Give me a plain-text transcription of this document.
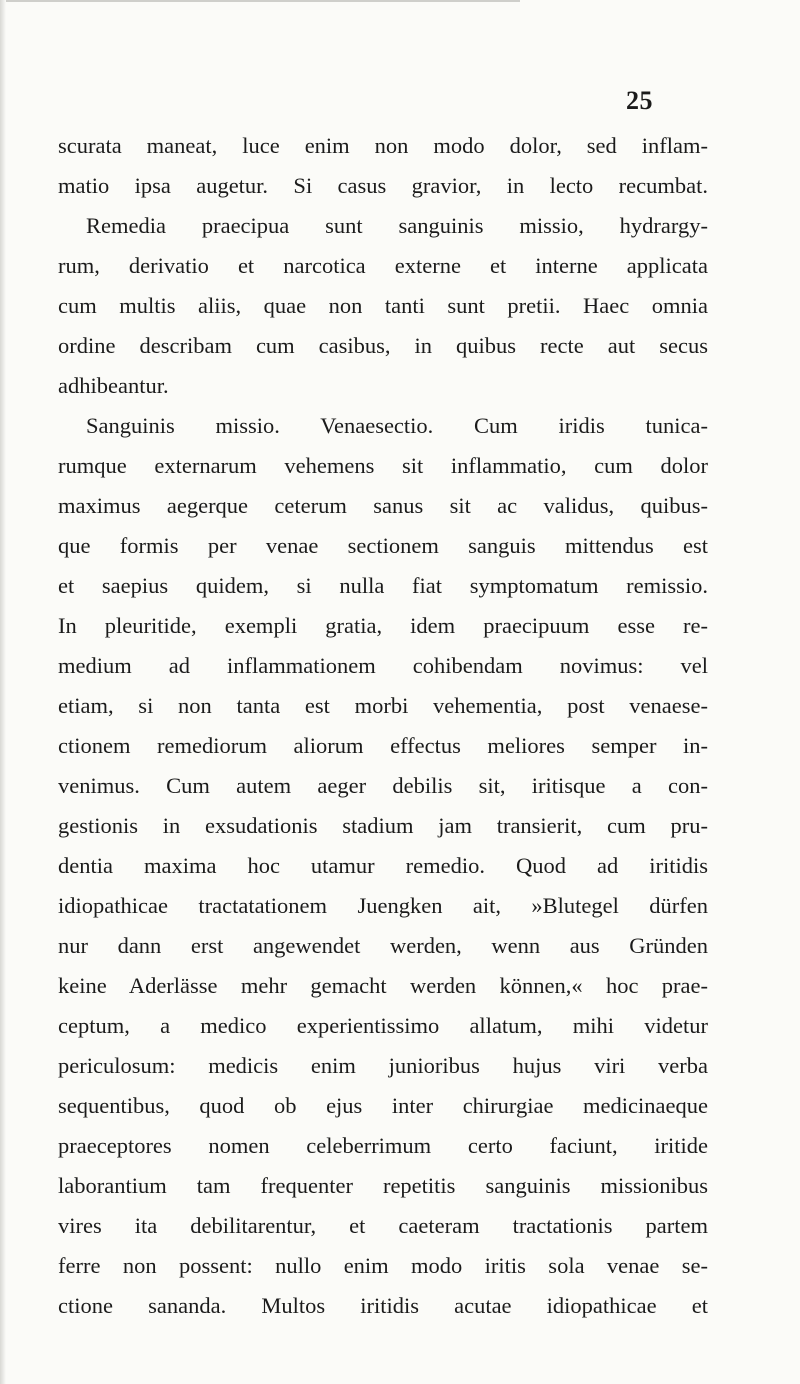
25
scurata maneat, luce enim non modo dolor, sed inflam-
matio ipsa augetur. Si casus gravior, in lecto recumbat.
Remedia praecipua sunt sanguinis missio, hydrargy-
rum, derivatio et narcotica externe et interne applicata
cum multis aliis, quae non tanti sunt pretii. Haec omnia
ordine describam cum casibus, in quibus recte aut secus
adhibeantur.
Sanguinis missio. Venaesectio. Cum iridis tunica-
rumque externarum vehemens sit inflammatio, cum dolor
maximus aegerque ceterum sanus sit ac validus, quibus-
que formis per venae sectionem sanguis mittendus est
et saepius quidem, si nulla fiat symptomatum remissio.
In pleuritide, exempli gratia, idem praecipuum esse re-
medium ad inflammationem cohibendam novimus: vel
etiam, si non tanta est morbi vehementia, post venaese-
ctionem remediorum aliorum effectus meliores semper in-
venimus. Cum autem aeger debilis sit, iritisque a con-
gestionis in exsudationis stadium jam transierit, cum pru-
dentia maxima hoc utamur remedio. Quod ad iritidis
idiopathicae tractatationem Juengken ait, »Blutegel dürfen
nur dann erst angewendet werden, wenn aus Gründen
keine Aderlässe mehr gemacht werden können,« hoc prae-
ceptum, a medico experientissimo allatum, mihi videtur
periculosum: medicis enim junioribus hujus viri verba
sequentibus, quod ob ejus inter chirurgiae medicinaeque
praeceptores nomen celeberrimum certo faciunt, iritide
laborantium tam frequenter repetitis sanguinis missionibus
vires ita debilitarentur, et caeteram tractationis partem
ferre non possent: nullo enim modo iritis sola venae se-
ctione sananda. Multos iritidis acutae idiopathicae et
